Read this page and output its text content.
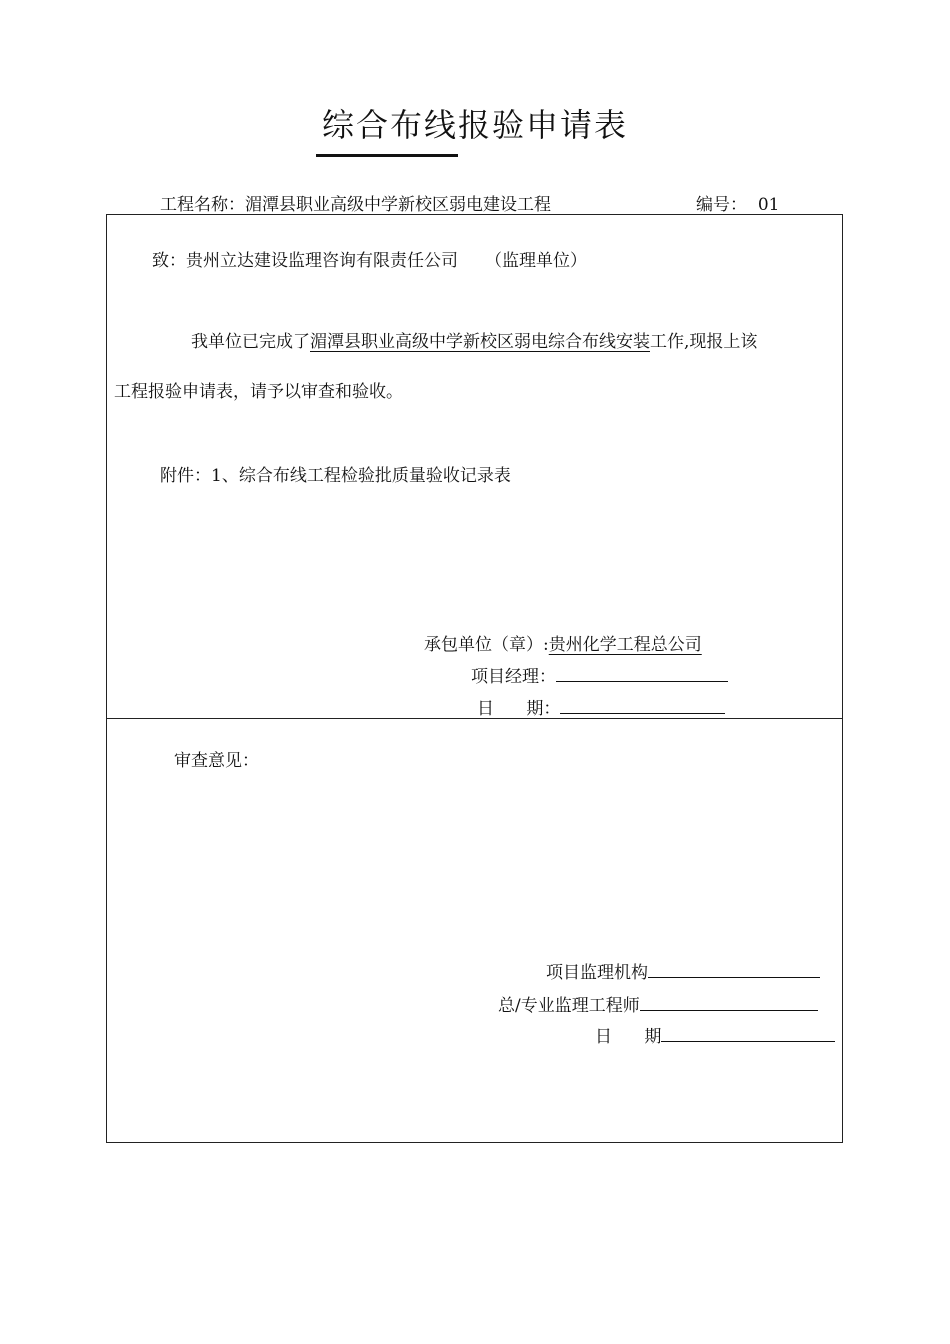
综合布线报验申请表
工程名称：湄潭县职业高级中学新校区弱电建设工程	编号： 01
致：贵州立达建设监理咨询有限责任公司 （监理单位）
我单位已完成了湄潭县职业高级中学新校区弱电综合布线安装工作,现报上该
工程报验申请表，请予以审查和验收。
附件：1、综合布线工程检验批质量验收记录表
承包单位（章）:贵州化学工程总公司
项目经理：
日      期：
审查意见：
项目监理机构
总/专业监理工程师
日      期
